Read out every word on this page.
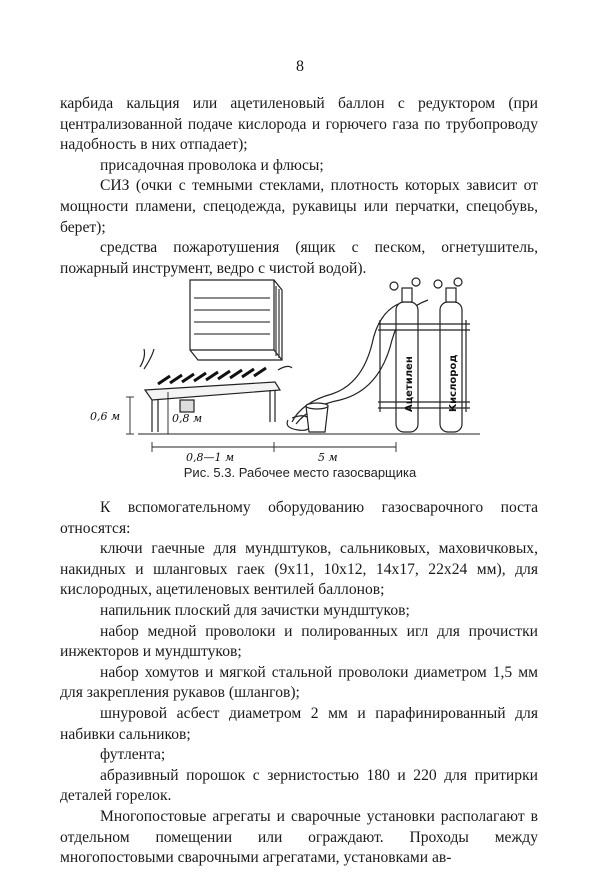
8

карбида кальция или ацетиленовый баллон с редуктором (при централизованной подаче кислорода и горючего газа по трубопроводу надобность в них отпадает);

присадочная проволока и флюсы;

СИЗ (очки с темными стеклами, плотность которых зависит от мощности пламени, спецодежда, рукавицы или перчатки, спецобувь, берет);

средства пожаротушения (ящик с песком, огнетушитель, пожарный инструмент, ведро с чистой водой).

Ацетилен	Кислород
0,6 м	0,8 м
0,8—1 м	5 м
Рис. 5.3. Рабочее место газосварщика

К вспомогательному оборудованию газосварочного поста относятся:

ключи гаечные для мундштуков, сальниковых, маховичковых, накидных и шланговых гаек (9х11, 10х12, 14х17, 22х24 мм), для кислородных, ацетиленовых вентилей баллонов;

напильник плоский для зачистки мундштуков;

набор медной проволоки и полированных игл для прочистки инжекторов и мундштуков;

набор хомутов и мягкой стальной проволоки диаметром 1,5 мм для закрепления рукавов (шлангов);

шнуровой асбест диаметром 2 мм и парафинированный для набивки сальников;

футлента;

абразивный порошок с зернистостью 180 и 220 для притирки деталей горелок.

Многопостовые агрегаты и сварочные установки располагают в отдельном помещении или ограждают. Проходы между многопостовыми сварочными агрегатами, установками ав-
